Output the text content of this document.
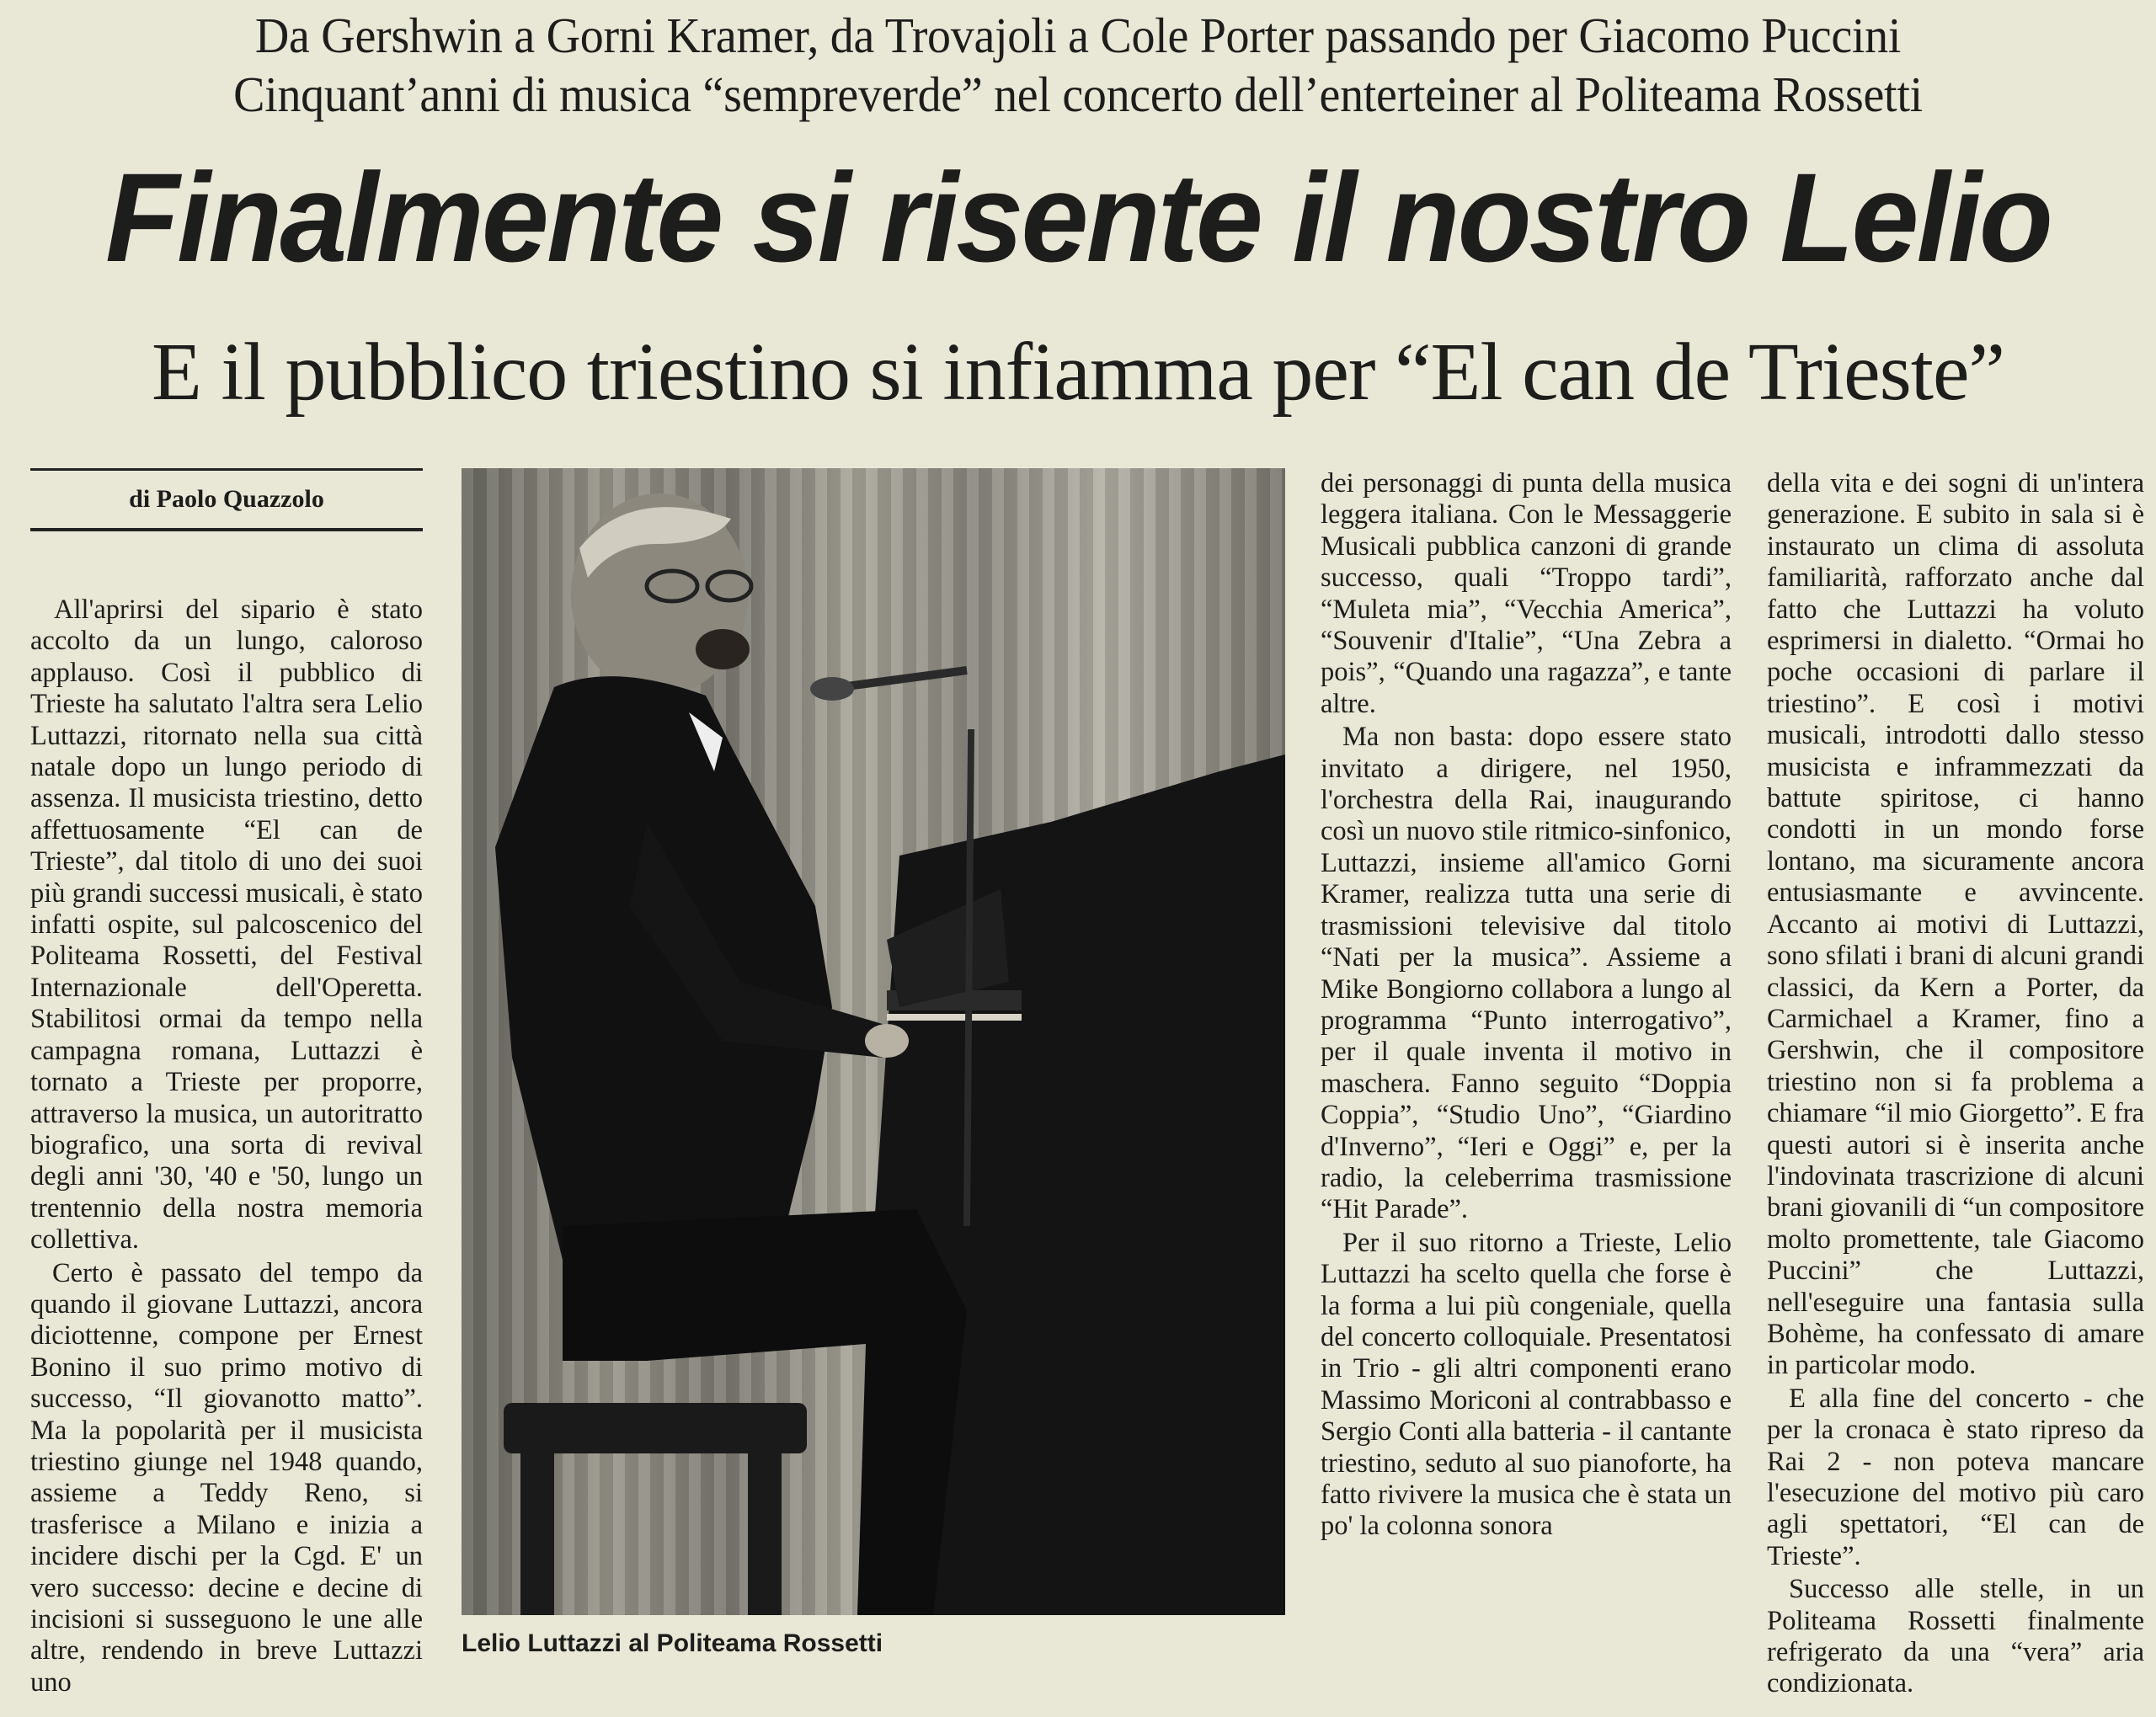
Da Gershwin a Gorni Kramer, da Trovajoli a Cole Porter passando per Giacomo Puccini
Cinquant’anni di musica “sempreverde” nel concerto dell’enterteiner al Politeama Rossetti
Finalmente si risente il nostro Lelio
E il pubblico triestino si infiamma per “El can de Trieste”
di Paolo Quazzolo

All'aprirsi del sipario è stato accolto da un lungo, caloroso applauso. Così il pubblico di Trieste ha salutato l'altra sera Lelio Luttazzi, ritornato nella sua città natale dopo un lungo periodo di assenza. Il musicista triestino, detto affettuosamente “El can de Trieste”, dal titolo di uno dei suoi più grandi successi musicali, è stato infatti ospite, sul palcoscenico del Politeama Rossetti, del Festival Internazionale dell'Operetta. Stabilitosi ormai da tempo nella campagna romana, Luttazzi è tornato a Trieste per proporre, attraverso la musica, un autoritratto biografico, una sorta di revival degli anni '30, '40 e '50, lungo un trentennio della nostra memoria collettiva.

Certo è passato del tempo da quando il giovane Luttazzi, ancora diciottenne, compone per Ernest Bonino il suo primo motivo di successo, “Il giovanotto matto”. Ma la popolarità per il musicista triestino giunge nel 1948 quando, assieme a Teddy Reno, si trasferisce a Milano e inizia a incidere dischi per la Cgd. E' un vero successo: decine e decine di incisioni si susseguono le une alle altre, rendendo in breve Luttazzi uno

Lelio Luttazzi al Politeama Rossetti

dei personaggi di punta della musica leggera italiana. Con le Messaggerie Musicali pubblica canzoni di grande successo, quali “Troppo tardi”, “Muleta mia”, “Vecchia America”, “Souvenir d'Italie”, “Una Zebra a pois”, “Quando una ragazza”, e tante altre.

Ma non basta: dopo essere stato invitato a dirigere, nel 1950, l'orchestra della Rai, inaugurando così un nuovo stile ritmico-sinfonico, Luttazzi, insieme all'amico Gorni Kramer, realizza tutta una serie di trasmissioni televisive dal titolo “Nati per la musica”. Assieme a Mike Bongiorno collabora a lungo al programma “Punto interrogativo”, per il quale inventa il motivo in maschera. Fanno seguito “Doppia Coppia”, “Studio Uno”, “Giardino d'Inverno”, “Ieri e Oggi” e, per la radio, la celeberrima trasmissione “Hit Parade”.

Per il suo ritorno a Trieste, Lelio Luttazzi ha scelto quella che forse è la forma a lui più congeniale, quella del concerto colloquiale. Presentatosi in Trio - gli altri componenti erano Massimo Moriconi al contrabbasso e Sergio Conti alla batteria - il cantante triestino, seduto al suo pianoforte, ha fatto rivivere la musica che è stata un po' la colonna sonora

della vita e dei sogni di un'intera generazione. E subito in sala si è instaurato un clima di assoluta familiarità, rafforzato anche dal fatto che Luttazzi ha voluto esprimersi in dialetto. “Ormai ho poche occasioni di parlare il triestino”. E così i motivi musicali, introdotti dallo stesso musicista e inframmezzati da battute spiritose, ci hanno condotti in un mondo forse lontano, ma sicuramente ancora entusiasmante e avvincente. Accanto ai motivi di Luttazzi, sono sfilati i brani di alcuni grandi classici, da Kern a Porter, da Carmichael a Kramer, fino a Gershwin, che il compositore triestino non si fa problema a chiamare “il mio Giorgetto”. E fra questi autori si è inserita anche l'indovinata trascrizione di alcuni brani giovanili di “un compositore molto promettente, tale Giacomo Puccini” che Luttazzi, nell'eseguire una fantasia sulla Bohème, ha confessato di amare in particolar modo.

E alla fine del concerto - che per la cronaca è stato ripreso da Rai 2 - non poteva mancare l'esecuzione del motivo più caro agli spettatori, “El can de Trieste”.

Successo alle stelle, in un Politeama Rossetti finalmente refrigerato da una “vera” aria condizionata.
